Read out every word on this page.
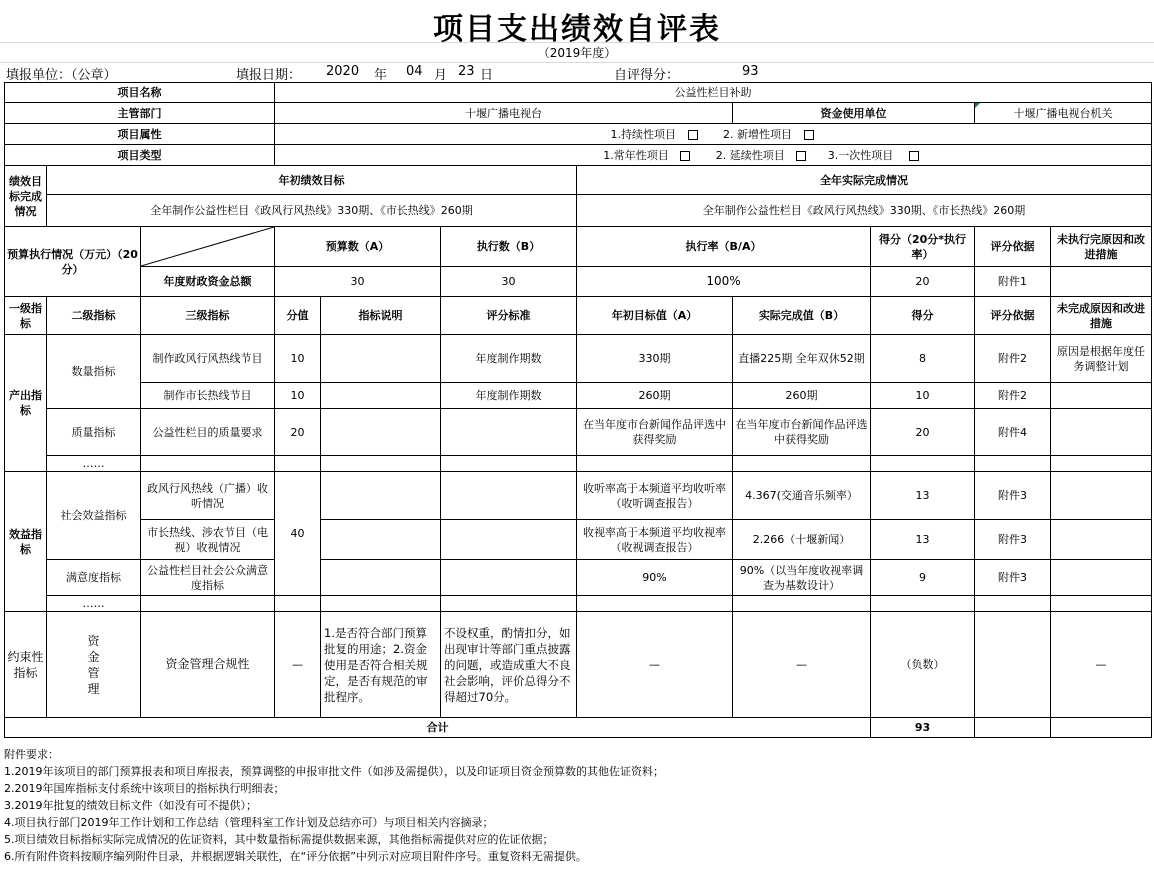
项目支出绩效自评表
（2019年度）
填报单位：（公章）	填报日期： 2020 年 04 月 23 日	自评得分：	93
项目名称			公益性栏目补助							
主管部门			十堰广播电视台				资金使用单位		十堰广播电视台机关	
项目属性			1.持续性项目 2. 新增性项目							
项目类型			1.常年性项目 2. 延续性项目 3.一次性项目							
绩效目标完成情况	年初绩效目标					全年实际完成情况				
	全年制作公益性栏目《政风行风热线》330期、《市长热线》260期					全年制作公益性栏目《政风行风热线》330期、《市长热线》260期				
预算执行情况（万元）（20分）			预算数（A）		执行数（B）	执行率（B/A）		得分（20分*执行率）	评分依据	未执行完原因和改进措施
		年度财政资金总额	30		30	100%		20	附件1	
一级指标	二级指标	三级指标	分值	指标说明	评分标准	年初目标值（A）	实际完成值（B）	得分	评分依据	未完成原因和改进措施
产出指标	数量指标	制作政风行风热线节目	10		年度制作期数	330期	直播225期 全年双休52期	8	附件2	原因是根据年度任务调整计划
		制作市长热线节目	10		年度制作期数	260期	260期	10	附件2	
	质量指标	公益性栏目的质量要求	20			在当年度市台新闻作品评选中获得奖励	在当年度市台新闻作品评选中获得奖励	20	附件4	
	……									
效益指标	社会效益指标	政风行风热线（广播）收听情况	40			收听率高于本频道平均收听率（收听调查报告）	4.367(交通音乐频率）	13	附件3	
		市长热线、涉农节目（电视）收视情况				收视率高于本频道平均收视率（收视调查报告）	2.266（十堰新闻）	13	附件3	
	满意度指标	公益性栏目社会公众满意度指标				90%	90%（以当年度收视率调查为基数设计）	9	附件3	
	……									
约束性指标	资金管理	资金管理合规性	—	1.是否符合部门预算批复的用途；2.资金使用是否符合相关规定，是否有规范的审批程序。	不设权重，酌情扣分，如出现审计等部门重点披露的问题，或造成重大不良社会影响，评价总得分不得超过70分。	—	—	（负数）		—
合计								93		
附件要求：
1.2019年该项目的部门预算报表和项目库报表，预算调整的申报审批文件（如涉及需提供），以及印证项目资金预算数的其他佐证资料；
2.2019年国库指标支付系统中该项目的指标执行明细表；
3.2019年批复的绩效目标文件（如没有可不提供）；
4.项目执行部门2019年工作计划和工作总结（管理科室工作计划及总结亦可）与项目相关内容摘录；
5.项目绩效目标指标实际完成情况的佐证资料，其中数量指标需提供数据来源，其他指标需提供对应的佐证依据；
6.所有附件资料按顺序编列附件目录，并根据逻辑关联性，在“评分依据”中列示对应项目附件序号。重复资料无需提供。
